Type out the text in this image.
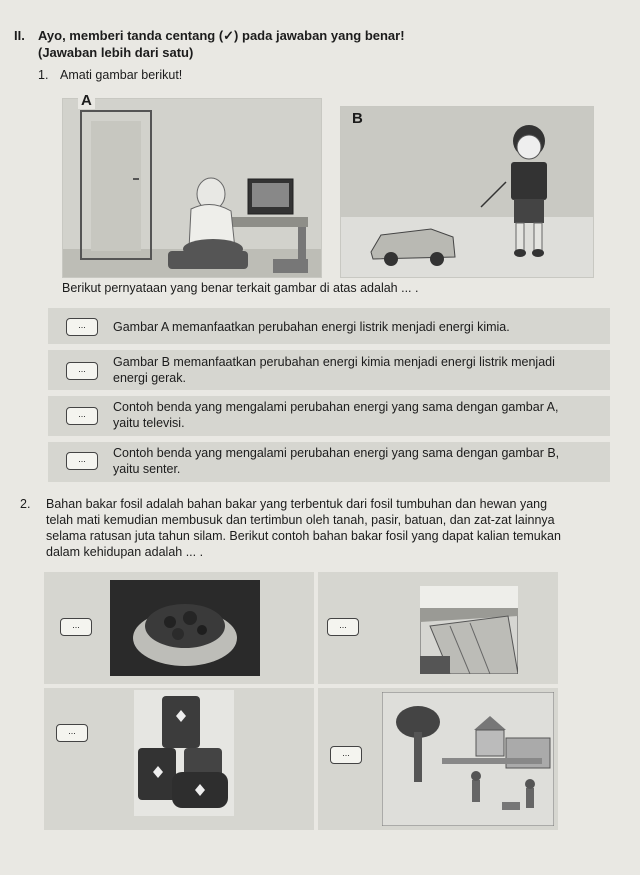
II. Ayo, memberi tanda centang (✓) pada jawaban yang benar!
(Jawaban lebih dari satu)
1. Amati gambar berikut!
A
B
Berikut pernyataan yang benar terkait gambar di atas adalah ... .
...	Gambar A memanfaatkan perubahan energi listrik menjadi energi kimia.
...	Gambar B memanfaatkan perubahan energi kimia menjadi energi listrik menjadi
energi gerak.
...	Contoh benda yang mengalami perubahan energi yang sama dengan gambar A,
yaitu televisi.
...	Contoh benda yang mengalami perubahan energi yang sama dengan gambar B,
yaitu senter.
2. Bahan bakar fosil adalah bahan bakar yang terbentuk dari fosil tumbuhan dan hewan yang
telah mati kemudian membusuk dan tertimbun oleh tanah, pasir, batuan, dan zat-zat lainnya
selama ratusan juta tahun silam. Berikut contoh bahan bakar fosil yang dapat kalian temukan
dalam kehidupan adalah ... .
...	...
...
...
